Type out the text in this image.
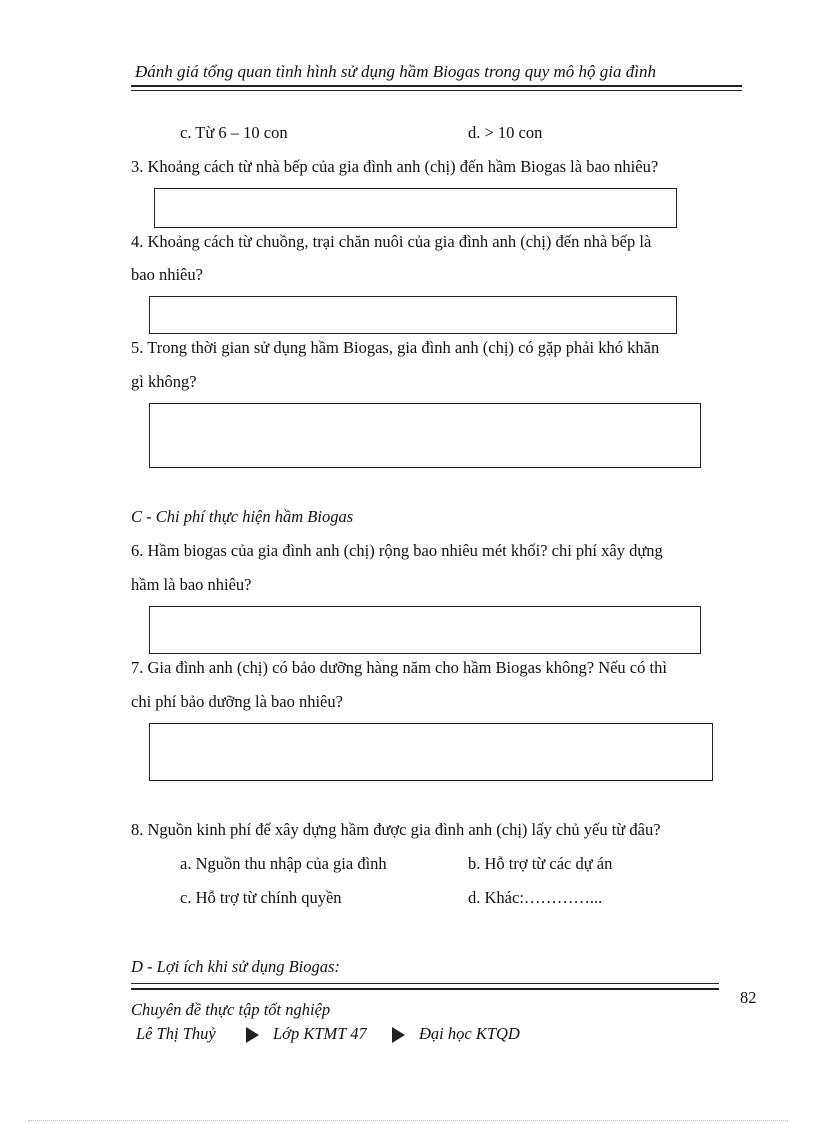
Đánh giá tổng quan tình hình sử dụng hầm Biogas trong quy mô hộ gia đình
c. Từ 6 – 10 con	d. > 10 con
3. Khoảng cách từ nhà bếp của gia đình anh (chị) đến hầm Biogas là bao nhiêu?
4. Khoảng cách từ chuồng, trại chăn nuôi của gia đình anh (chị) đến nhà bếp là
bao nhiêu?
5. Trong thời gian sử dụng hầm Biogas, gia đình anh (chị) có gặp phải khó khăn
gì không?
C - Chi phí thực hiện hầm Biogas
6. Hầm biogas của gia đình anh (chị) rộng bao nhiêu mét khối? chi phí xây dựng
hầm là bao nhiêu?
7. Gia đình anh (chị) có bảo dưỡng hàng năm cho hầm Biogas không? Nếu có thì
chi phí bảo dưỡng là bao nhiêu?
8. Nguồn kinh phí để xây dựng hầm được gia đình anh (chị) lấy chủ yếu từ đâu?
a. Nguồn thu nhập của gia đình	b. Hỗ trợ từ các dự án
c. Hỗ trợ từ chính quyền	d. Khác:…………...
D - Lợi ích khi sử dụng Biogas:
82
Chuyên đề thực tập tốt nghiệp
Lê Thị Thuỷ	Lớp KTMT 47	Đại học KTQD
